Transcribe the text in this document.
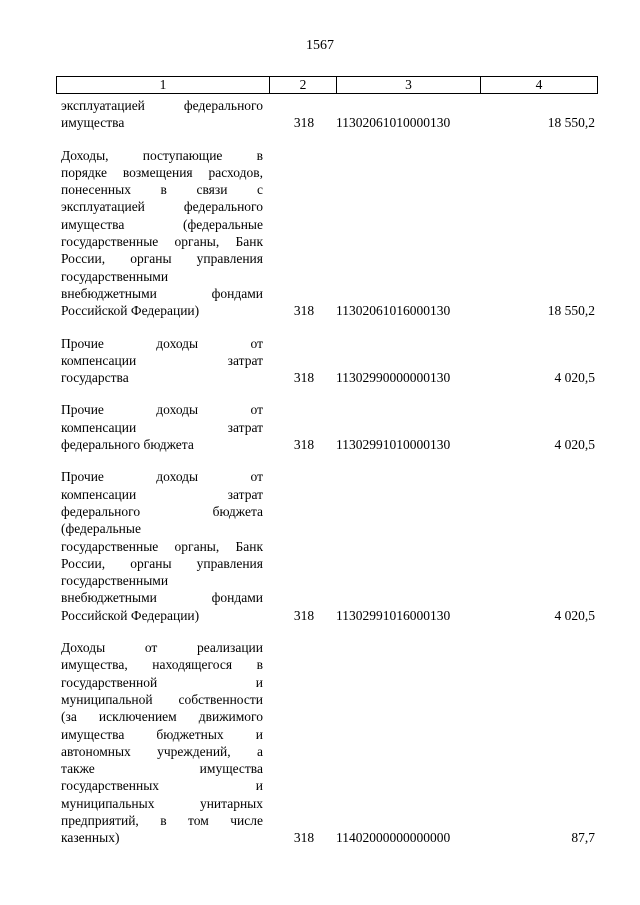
1567
1	2	3	4
эксплуатацией федерального
имущества	318	11302061010000130	18 550,2
Доходы, поступающие в
порядке возмещения расходов,
понесенных в связи с
эксплуатацией федерального
имущества (федеральные
государственные органы, Банк
России, органы управления
государственными
внебюджетными фондами
Российской Федерации)	318	11302061016000130	18 550,2
Прочие доходы от
компенсации затрат
государства	318	11302990000000130	4 020,5
Прочие доходы от
компенсации затрат
федерального бюджета	318	11302991010000130	4 020,5
Прочие доходы от
компенсации затрат
федерального бюджета
(федеральные
государственные органы, Банк
России, органы управления
государственными
внебюджетными фондами
Российской Федерации)	318	11302991016000130	4 020,5
Доходы от реализации
имущества, находящегося в
государственной и
муниципальной собственности
(за исключением движимого
имущества бюджетных и
автономных учреждений, а
также имущества
государственных и
муниципальных унитарных
предприятий, в том числе
казенных)	318	11402000000000000	87,7
